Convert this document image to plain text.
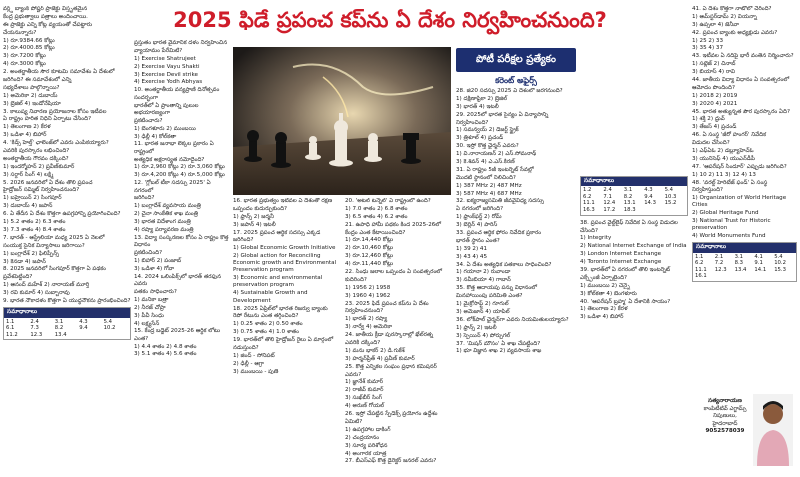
2025 ఫిడే ప్రపంచ కప్‌ను ఏ దేశం నిర్వహించనుంది?

వర్ల్డ్ బ్యాంక్ పోష్టర్ ప్రాజెక్టు విస్తృతమైన

కేంద్ర ప్రభుత్వాలు పత్రాలు అందించాయి.

ఈ ప్రాజెక్టు ఎన్ని కోట్ల వ్యయంతో చేపట్టారు

చేయనున్నారు?

1) రూ.9384.66 కోట్లు

2) రూ.4000.85 కోట్లు

3) రూ.7200 కోట్లు

4) రూ.3000 కోట్లు

2. అంతర్జాతీయ సౌర కూటమి సమావేశం ఏ దేశంలో

జరిగింది? ఈ సమావేశంలో ఎన్ని

సభ్యదేశాలు పాల్గొన్నాయి?

1) అమెరికా 2) దుబాయ్

3) బ్రెజిల్ 4) ఇండోనేషియా

3. కాలుష్య నివారణ ప్రయోజనాల కోసం ఇటీవల

ఏ రాష్ట్రం హరిత నిధిని ఏర్పాటు చేసింది?

1) తెలంగాణ 2) కేరళ

3) ఒడిశా 4) బిహార్

4. 'కిడ్స్‌ హెల్త్' ఛాలెంజ్‌లో ఎవరు ఎంపికయ్యారు?

ఎవరికి పురస్కారం లభించింది?

అంతర్జాతీయ గౌరవం దక్కింది?

1) ఇందర్మోహన్ 2) ప్రవీణ్‌కుమార్

3) సర్దార్ సింగ్ 4) లక్ష్మి

5. 2026 జనవరిలో ఏ దేశం తొలి ప్రపంచ

హైడ్రోజన్ సమ్మిట్ నిర్వహించనుంది?

1) బహ్రెయిన్ 2) సింగపూర్

3) దుబాయ్ 4) జపాన్

6. ఏ తేదీన ఏ దేశం కొత్తగా ఉపగ్రహాన్ని ప్రయోగించింది?

1) 5.2 శాతం 2) 6.3 శాతం

3) 7.3 శాతం 4) 8.4 శాతం

7. భారత్ - ఆస్ట్రేలియా మధ్య 2025 ఏ నెలలో

సంయుక్త సైనిక విన్యాసాలు జరిగాయి?

1) బంగ్లాదేశ్ 2) ఫిలిప్పీన్స్

3) కెనడా 4) జపాన్

8. 2025 జనవరిలో సింగపూర్ కొత్తగా ఏ పథకం

ప్రవేశపెట్టింది?

1) ఆనంద్ మహేశ్ 2) నారాయణ్ మూర్తి

3) రవి కుమార్ 4) సుబ్బారావు

9. భారత నౌకాదళం కొత్తగా ఏ యుద్ధనౌకను ప్రారంభించింది?

సమాధానాలు
1.1	2.4	3.1	4.3	5.4
6.1	7.3	8.2	9.4	10.2
11.2	12.3	13.4

ప్రస్తుతం భారత వైమానిక దళం నిర్వహించిన

వ్యాయామం పేరేమిటి?

1) Exercise Shatrujeet

2) Exercise Vayu Shakti

3) Exercise Devil strike

4) Exercise Yodh Abhyas

10. అంతర్జాతీయ వన్యప్రాణి దినోత్సవం సందర్భంగా

భారత్‌లో ఏ ప్రాంతాన్ని పులుల అభయారణ్యంగా

ప్రకటించారు?

1) బెంగళూరు 2) ముంబయి

3) ఢిల్లీ 4) కోల్‌కతా

11. భారత జనాభా లెక్కల ప్రకారం ఏ రాష్ట్రంలో

అత్యధిక అక్షరాస్యత నమోదైంది?

1) రూ.2,960 కోట్లు 2) రూ.3,060 కోట్లు

3) రూ.4,200 కోట్లు 4) రూ.5,000 కోట్లు

12. 'గ్లోబల్ టీకా సదస్సు 2025' ఏ నగరంలో

జరిగింది?

1) బంగ్లాదేశ్ వ్యవసాయ మంత్రి

2) చైనా సాంకేతిక శాఖ మంత్రి

3) భారత విదేశాంగ మంత్రి

4) రష్యా పర్యావరణ మంత్రి

13. విద్యా సంస్కరణల కోసం ఏ రాష్ట్రం కొత్త విధానం

ప్రకటించింది?

1) బిహార్ 2) పంజాబ్

3) ఒడిశా 4) గోవా

14. 2024 ఒలింపిక్స్‌లో భారత్ తరఫున ఎవరు

పతకం సాధించారు?

1) మనికా బత్రా

2) నీరజ్ చోప్రా

3) పీవీ సింధు

4) లక్ష్యసేన్

15. కేంద్ర బడ్జెట్ 2025-26 ఆర్థిక లోటు ఎంత?

1) 4.4 శాతం 2) 4.8 శాతం

3) 5.1 శాతం 4) 5.6 శాతం

16. భారత ప్రభుత్వం ఇటీవల ఏ దేశంతో రక్షణ

ఒప్పందం కుదుర్చుకుంది?

1) ఫ్రాన్స్ 2) జర్మనీ

3) జపాన్ 4) ఇటలీ

17. 2025 ప్రపంచ ఆర్థిక సదస్సు ఎక్కడ జరిగింది?

1) Global Economic Growth Initiative

2) Global action for Reconciling Economic growth and Environmental Preservation program

3) Economic and environmental preservation program

4) Sustainable Growth and Development

18. 2025 ఏప్రిల్‌లో భారత రిజర్వు బ్యాంకు

రెపో రేటును ఎంత తగ్గించింది?

1) 0.25 శాతం 2) 0.50 శాతం

3) 0.75 శాతం 4) 1.0 శాతం

19. భారత్‌లో తొలి హైడ్రోజన్ రైలు ఏ మార్గంలో

నడుస్తుంది?

1) జింద్ - సోనిపట్

2) ఢిల్లీ - ఆగ్రా

3) ముంబయి - పుణె

20. 'అటల్ టన్నెల్' ఏ రాష్ట్రంలో ఉంది?

1) 7.0 శాతం 2) 6.8 శాతం

3) 6.5 శాతం 4) 6.2 శాతం

21. ఉపాధి హామీ పథకం కింద 2025-26లో

కేంద్రం ఎంత కేటాయించింది?

1) రూ.14,440 కోట్లు

2) రూ.10,460 కోట్లు

3) రూ.12,460 కోట్లు

4) రూ.11,440 కోట్లు

22. సింధు జలాల ఒప్పందం ఏ సంవత్సరంలో

కుదిరింది?

1) 1956 2) 1958

3) 1960 4) 1962

23. 2025 ఫిడే ప్రపంచ కప్‌ను ఏ దేశం

నిర్వహించనుంది?

1) భారత్ 2) రష్యా

3) నార్వే 4) అమెరికా

24. జాతీయ క్రీడా పురస్కారాల్లో ఖేల్‌రత్న

ఎవరికి దక్కింది?

1) మను భాకర్ 2) డి.గుకేశ్

3) హర్మన్‌ప్రీత్ 4) ప్రవీణ్ కుమార్

25. కొత్త ఎన్నికల సంఘం ప్రధాన కమిషనర్

ఎవరు?

1) జ్ఞానేశ్ కుమార్

2) రాజీవ్ కుమార్

3) సుఖ్‌బీర్ సింగ్

4) అరుణ్ గోయల్

26. ఇస్రో చేపట్టిన స్పేడెక్స్ ప్రయోగం ఉద్దేశం

ఏమిటి?

1) ఉపగ్రహాల డాకింగ్

2) చంద్రయానం

3) సూర్య పరిశోధన

4) అంగారక యాత్ర

27. బీఎస్ఎఫ్ కొత్త డైరెక్టర్ జనరల్ ఎవరు?

పోటీ పరీక్షల ప్రత్యేకం
కరెంట్ అఫైర్స్

28. జి20 సదస్సు 2025 ఏ దేశంలో జరగనుంది?

1) దక్షిణాఫ్రికా 2) బ్రెజిల్

3) భారత్ 4) ఇటలీ

29. 2025లో భారత సైన్యం ఏ విన్యాసాన్ని

నిర్వహించింది?

1) సమన్వయ్ 2) డెజర్ట్ స్ట్రైక్

3) త్రిశూల్ 4) ప్రచండ్

30. ఇస్రో కొత్త ఛైర్మన్ ఎవరు?

1) వి.నారాయణన్ 2) ఎస్.సోమనాథ్

3) కె.శివన్ 4) ఎ.ఎస్.కిరణ్

31. ఏ రాష్ట్రం 5జీ ఇంటర్నెట్ సేవల్లో

మొదటి స్థానంలో నిలిచింది?

1) 387 MHz 2) 487 MHz

3) 587 MHz 4) 687 MHz

32. ఐక్యరాజ్యసమితి జీవవైవిధ్య సదస్సు

ఏ నగరంలో జరిగింది?

1) ఫ్రాంక్‌ఫర్ట్ 2) రోమ్

3) బెర్లిన్ 4) పారిస్

33. ప్రపంచ ఆర్థిక ఫోరం నివేదిక ప్రకారం

భారత్ స్థానం ఎంత?

1) 39 2) 41

3) 43 4) 45

34. ఏ దేశం అత్యధిక పతకాలు సాధించింది?

1) గయానా 2) రువాండా

3) నమీబియా 4) గాబాన్

35. కొత్త ఆదాయపు పన్ను విధానంలో

మినహాయింపు పరిమితి ఎంత?

1) మైక్రోసాఫ్ట్ 2) గూగుల్

3) అమెజాన్ 4) యాపిల్

36. లోక్‌పాల్ ఛైర్మన్‌గా ఎవరు నియమితులయ్యారు?

1) ఫ్రాన్స్ 2) ఇటలీ

3) స్పెయిన్ 4) పోర్చుగల్

37. 'మిషన్ మౌసం' ఏ శాఖ చేపట్టింది?

1) భూ విజ్ఞాన శాఖ 2) వ్యవసాయ శాఖ

సమాధానాలు
1.2	2.4	3.1	4.3	5.4
6.2	7.1	8.2	9.4	10.3
11.1	12.4	13.1	14.3	15.2
16.3	17.2	18.3

38. ప్రపంచ వైల్డ్‌లైఫ్ నివేదిక ఏ సంస్థ విడుదల

చేసింది?

1) Integrity

2) National Internet Exchange of India

3) London Internet Exchange

4) Toronto Internet Exchange

39. భారత్‌లో ఏ నగరంలో తొలి ఇంటర్నెట్

ఎక్స్ఛేంజీ ఏర్పాటైంది?

1) ముంబయి 2) చెన్నై

3) కోల్‌కతా 4) బెంగళూరు

40. 'ఆపరేషన్ బ్రహ్మ' ఏ దేశానికి సాయం?

1) తెలంగాణ 2) కేరళ

3) ఒడిశా 4) బిహార్

41. ఏ దేశం కొత్తగా నాటోలో చేరింది?

1) ఆమ్‌స్టర్‌డామ్ 2) వియన్నా

3) ఉప్సలా 4) జెనీవా

42. ప్రపంచ బ్యాంకు అధ్యక్షుడు ఎవరు?

1) 25 2) 33

3) 35 4) 37

43. ఇటీవల ఏ నదిపై భారీ వంతెన నిర్మించారు?

1) సట్లెజ్ 2) చినాబ్

3) బియాస్ 4) రావి

44. జాతీయ విద్యా విధానం ఏ సంవత్సరంలో

ఆమోదం పొందింది?

1) 2018 2) 2019

3) 2020 4) 2021

45. భారత అత్యున్నత పౌర పురస్కారం ఏది?

1) శక్తి 2) ధ్రువ్

3) తేజస్ 4) ప్రచండ్

46. ఏ సంస్థ 'జీరో హంగర్' నివేదిక

విడుదల చేసింది?

1) ఎఫ్ఏఓ 2) డబ్ల్యూహెచ్ఓ

3) యునిసెఫ్ 4) యుఎన్‌డీపీ

47. 'ఆపరేషన్ సిందూర్' ఎప్పుడు జరిగింది?

1) 10 2) 11 3) 12 4) 13

48. 'వరల్డ్ హెరిటేజ్ ఫండ్' ఏ సంస్థ నిర్వహిస్తుంది?

1) Organization of World Heritage Cities

2) Global Heritage Fund

3) National Trust for Historic preservation

4) World Monuments Fund

సమాధానాలు
1.1	2.1	3.1	4.1	5.4
6.2	7.2	8.3	9.1	10.2
11.1	12.3	13.4	14.1	15.3
16.1
సత్యనారాయణ
కాంపిటీటివ్ ఎగ్జామ్స్
నిపుణులు,
హైదరాబాద్
9052578039
